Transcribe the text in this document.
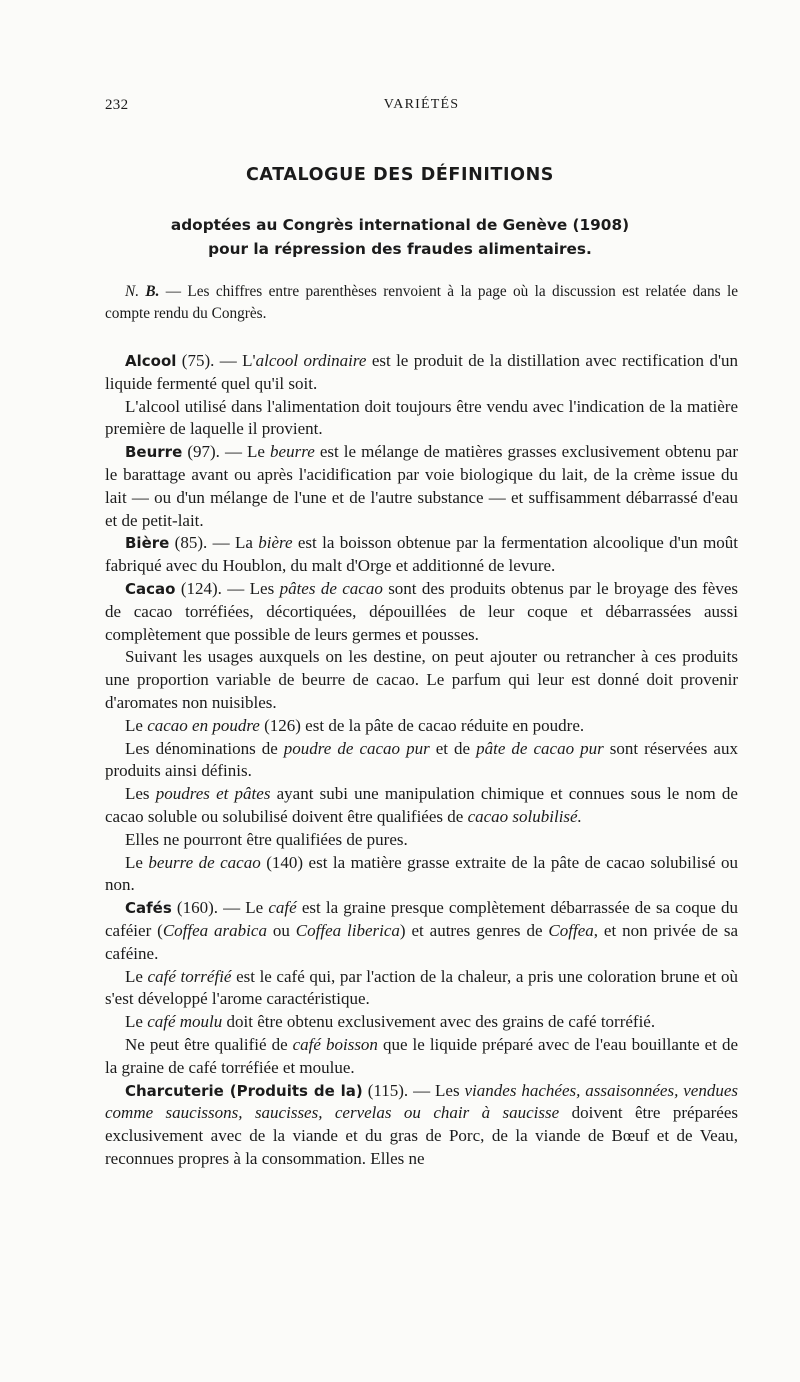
232	VARIÉTÉS
CATALOGUE DES DÉFINITIONS
adoptées au Congrès international de Genève (1908)
pour la répression des fraudes alimentaires.

N. B. — Les chiffres entre parenthèses renvoient à la page où la discussion est relatée dans le compte rendu du Congrès.

Alcool (75). — L'alcool ordinaire est le produit de la distillation avec rectification d'un liquide fermenté quel qu'il soit.

L'alcool utilisé dans l'alimentation doit toujours être vendu avec l'indication de la matière première de laquelle il provient.

Beurre (97). — Le beurre est le mélange de matières grasses exclusivement obtenu par le barattage avant ou après l'acidification par voie biologique du lait, de la crème issue du lait — ou d'un mélange de l'une et de l'autre substance — et suffisamment débarrassé d'eau et de petit-lait.

Bière (85). — La bière est la boisson obtenue par la fermentation alcoolique d'un moût fabriqué avec du Houblon, du malt d'Orge et additionné de levure.

Cacao (124). — Les pâtes de cacao sont des produits obtenus par le broyage des fèves de cacao torréfiées, décortiquées, dépouillées de leur coque et débarrassées aussi complètement que possible de leurs germes et pousses.

Suivant les usages auxquels on les destine, on peut ajouter ou retrancher à ces produits une proportion variable de beurre de cacao. Le parfum qui leur est donné doit provenir d'aromates non nuisibles.

Le cacao en poudre (126) est de la pâte de cacao réduite en poudre.

Les dénominations de poudre de cacao pur et de pâte de cacao pur sont réservées aux produits ainsi définis.

Les poudres et pâtes ayant subi une manipulation chimique et connues sous le nom de cacao soluble ou solubilisé doivent être qualifiées de cacao solubilisé.

Elles ne pourront être qualifiées de pures.

Le beurre de cacao (140) est la matière grasse extraite de la pâte de cacao solubilisé ou non.

Cafés (160). — Le café est la graine presque complètement débarrassée de sa coque du caféier (Coffea arabica ou Coffea liberica) et autres genres de Coffea, et non privée de sa caféine.

Le café torréfié est le café qui, par l'action de la chaleur, a pris une coloration brune et où s'est développé l'arome caractéristique.

Le café moulu doit être obtenu exclusivement avec des grains de café torréfié.

Ne peut être qualifié de café boisson que le liquide préparé avec de l'eau bouillante et de la graine de café torréfiée et moulue.

Charcuterie (Produits de la) (115). — Les viandes hachées, assaisonnées, vendues comme saucissons, saucisses, cervelas ou chair à saucisse doivent être préparées exclusivement avec de la viande et du gras de Porc, de la viande de Bœuf et de Veau, reconnues propres à la consommation. Elles ne
